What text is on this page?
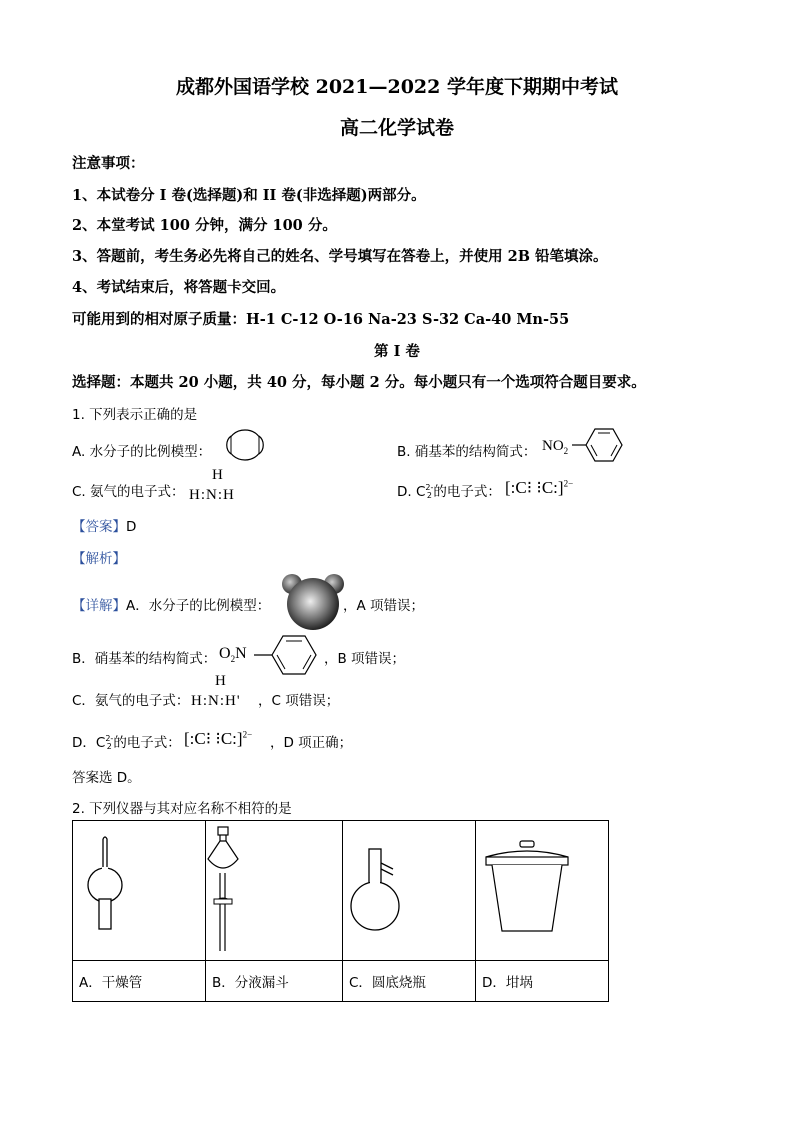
成都外国语学校 2021—2022 学年度下期期中考试
高二化学试卷
注意事项：
1、本试卷分 I 卷(选择题)和 II 卷(非选择题)两部分。
2、本堂考试 100 分钟，满分 100 分。
3、答题前，考生务必先将自己的姓名、学号填写在答卷上，并使用 2B 铅笔填涂。
4、考试结束后，将答题卡交回。
可能用到的相对原子质量：H-1 C-12 O-16 Na-23 S-32 Ca-40 Mn-55
第 I 卷
选择题：本题共 20 小题，共 40 分，每小题 2 分。每小题只有一个选项符合题目要求。
1. 下列表示正确的是
A. 水分子的比例模型：	B. 硝基苯的结构简式： $NO_2$
C. 氨气的电子式：
H
H:N:H	D. C2-
2的电子式： [:C⁝ ⁝C:]$^{2-}$
【答案】D
【解析】
【详解】A．水分子的比例模型：	，A 项错误；
B．硝基苯的结构简式： $O_2N$	，B 项错误；
C．氨气的电子式：
H
H:N:H' ，C 项错误；
D．C2-
2的电子式： [:C⁝ ⁝C:]$^{2-}$
，D 项正确；
答案选 D。
2. 下列仪器与其对应名称不相符的是

A．干燥管	B．分液漏斗	C．圆底烧瓶	D．坩埚
